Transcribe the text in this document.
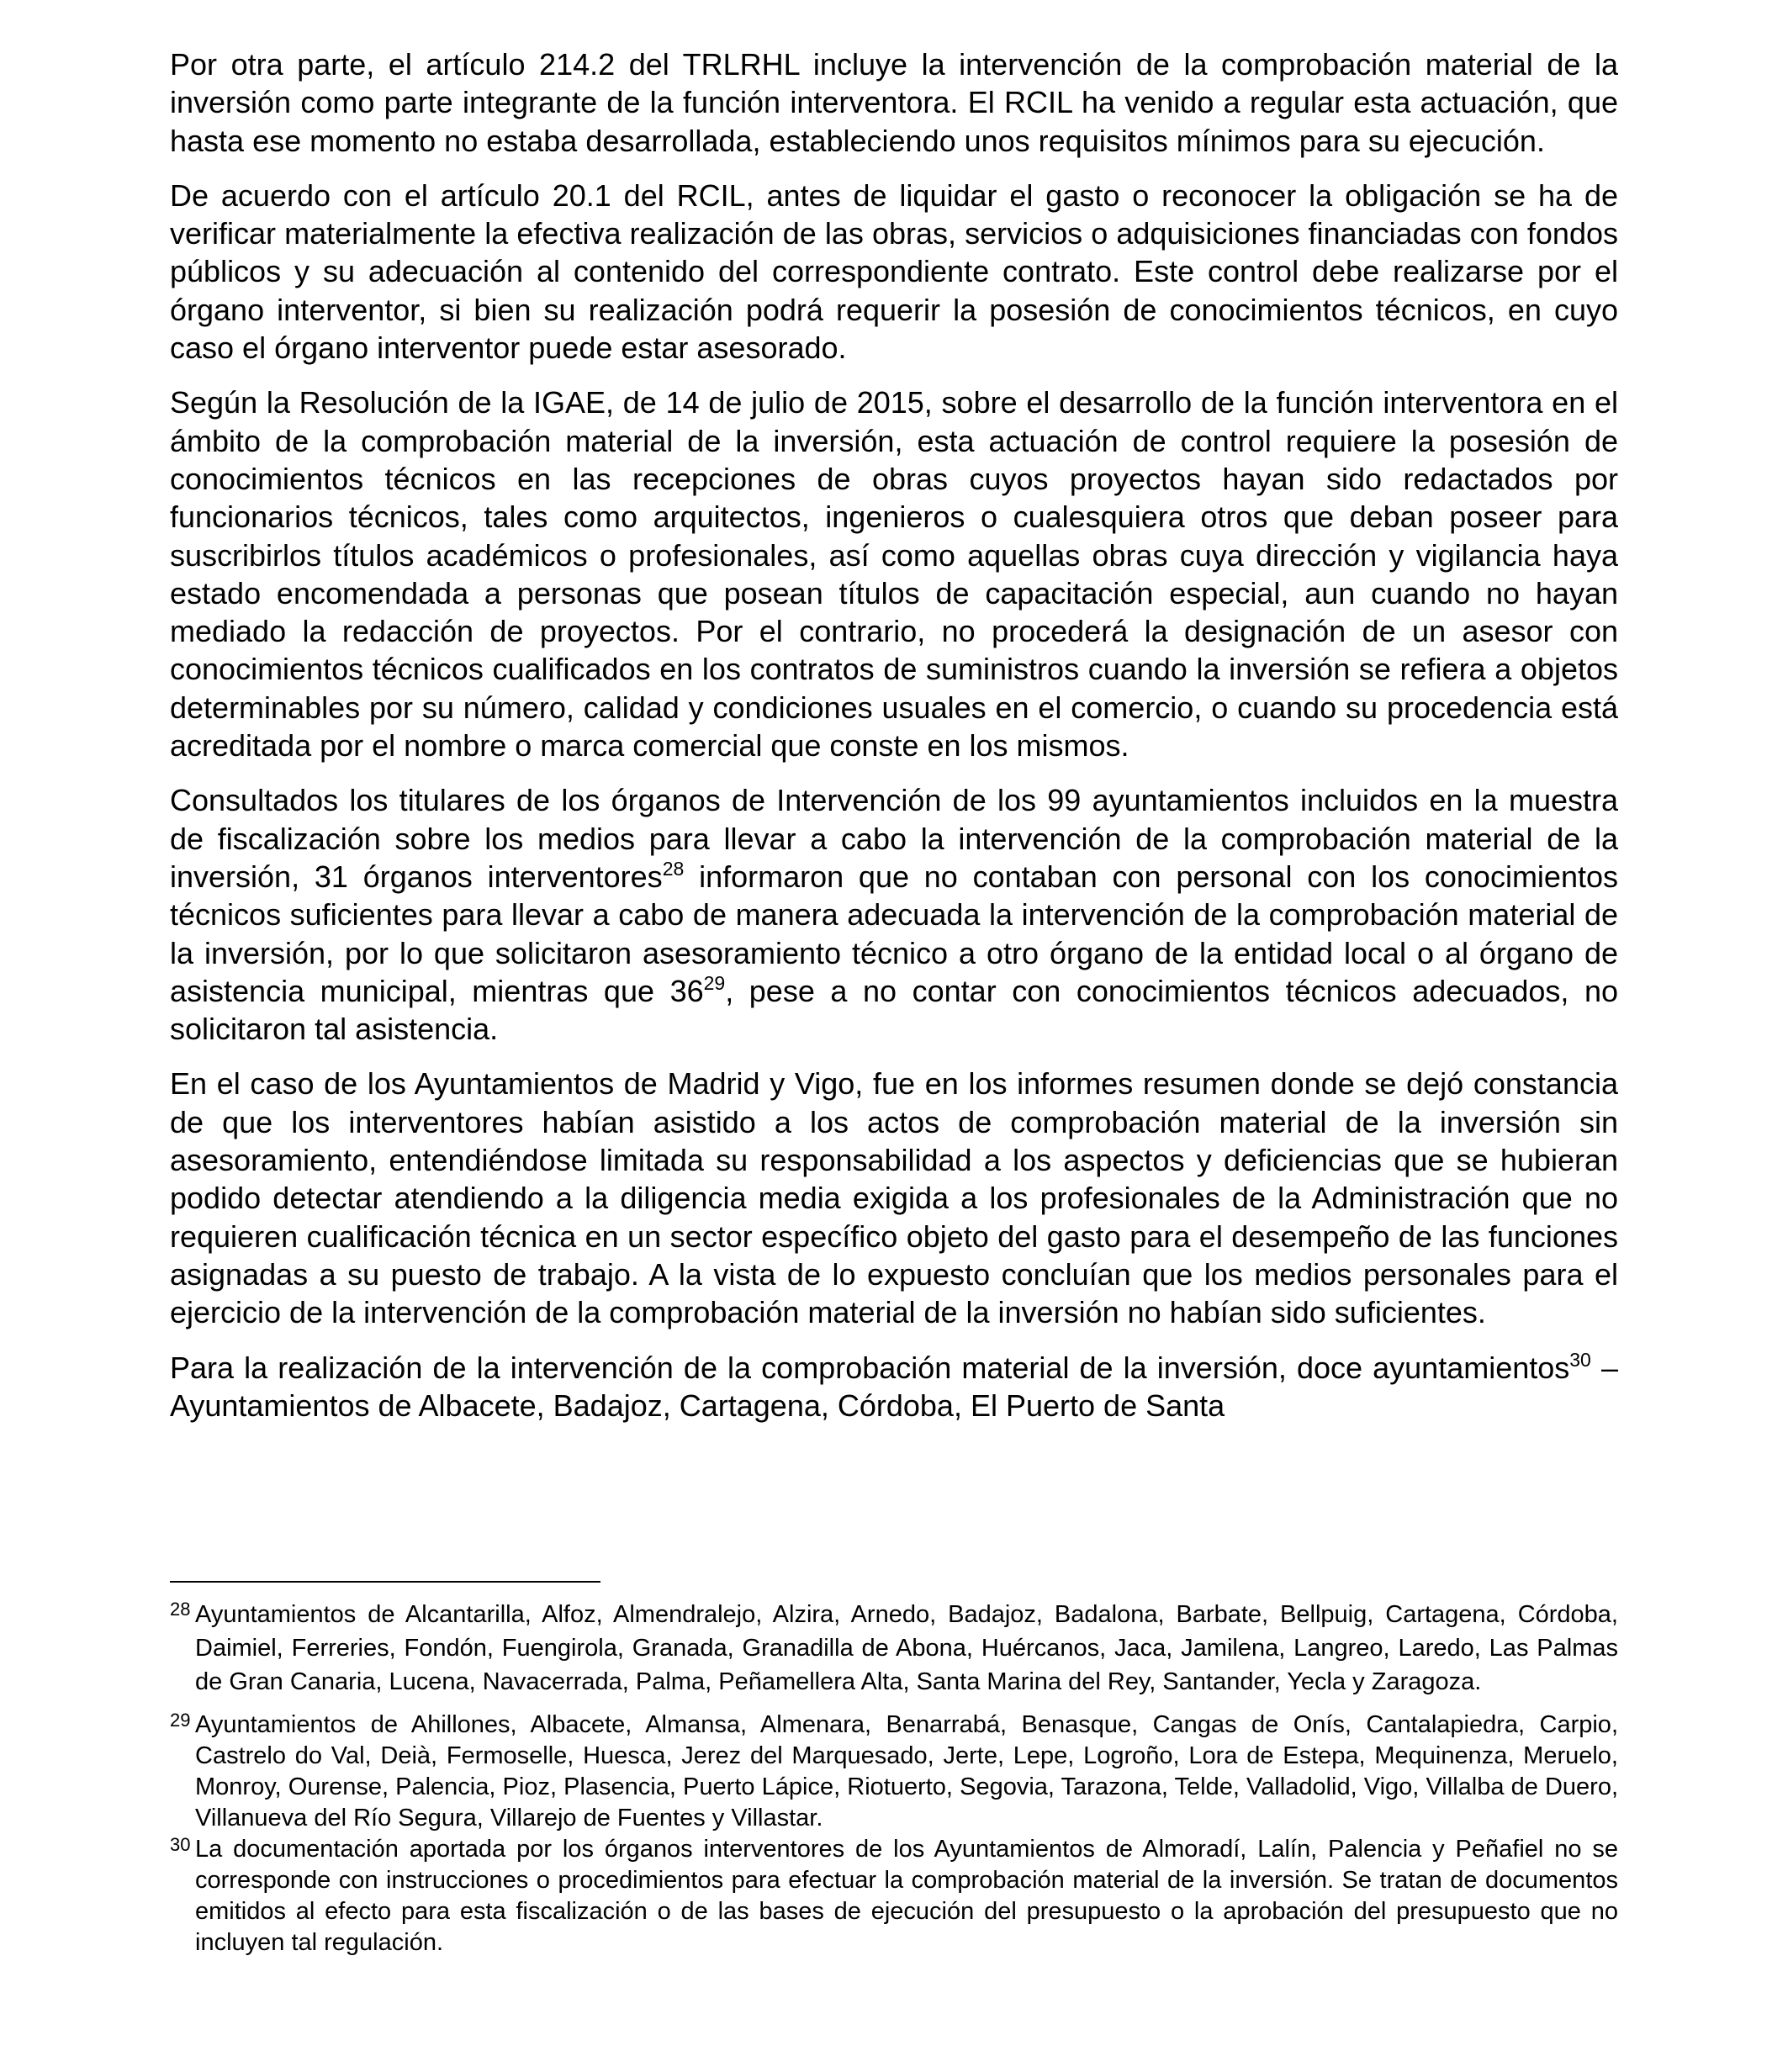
Por otra parte, el artículo 214.2 del TRLRHL incluye la intervención de la comprobación material de la inversión como parte integrante de la función interventora. El RCIL ha venido a regular esta actuación, que hasta ese momento no estaba desarrollada, estableciendo unos requisitos mínimos para su ejecución.

De acuerdo con el artículo 20.1 del RCIL, antes de liquidar el gasto o reconocer la obligación se ha de verificar materialmente la efectiva realización de las obras, servicios o adquisiciones financiadas con fondos públicos y su adecuación al contenido del correspondiente contrato. Este control debe realizarse por el órgano interventor, si bien su realización podrá requerir la posesión de conocimientos técnicos, en cuyo caso el órgano interventor puede estar asesorado.

Según la Resolución de la IGAE, de 14 de julio de 2015, sobre el desarrollo de la función interventora en el ámbito de la comprobación material de la inversión, esta actuación de control requiere la posesión de conocimientos técnicos en las recepciones de obras cuyos proyectos hayan sido redactados por funcionarios técnicos, tales como arquitectos, ingenieros o cualesquiera otros que deban poseer para suscribirlos títulos académicos o profesionales, así como aquellas obras cuya dirección y vigilancia haya estado encomendada a personas que posean títulos de capacitación especial, aun cuando no hayan mediado la redacción de proyectos. Por el contrario, no procederá la designación de un asesor con conocimientos técnicos cualificados en los contratos de suministros cuando la inversión se refiera a objetos determinables por su número, calidad y condiciones usuales en el comercio, o cuando su procedencia está acreditada por el nombre o marca comercial que conste en los mismos.

Consultados los titulares de los órganos de Intervención de los 99 ayuntamientos incluidos en la muestra de fiscalización sobre los medios para llevar a cabo la intervención de la comprobación material de la inversión, 31 órganos interventores$^{28}$ informaron que no contaban con personal con los conocimientos técnicos suficientes para llevar a cabo de manera adecuada la intervención de la comprobación material de la inversión, por lo que solicitaron asesoramiento técnico a otro órgano de la entidad local o al órgano de asistencia municipal, mientras que $36^{29}$, pese a no contar con conocimientos técnicos adecuados, no solicitaron tal asistencia.

En el caso de los Ayuntamientos de Madrid y Vigo, fue en los informes resumen donde se dejó constancia de que los interventores habían asistido a los actos de comprobación material de la inversión sin asesoramiento, entendiéndose limitada su responsabilidad a los aspectos y deficiencias que se hubieran podido detectar atendiendo a la diligencia media exigida a los profesionales de la Administración que no requieren cualificación técnica en un sector específico objeto del gasto para el desempeño de las funciones asignadas a su puesto de trabajo. A la vista de lo expuesto concluían que los medios personales para el ejercicio de la intervención de la comprobación material de la inversión no habían sido suficientes.

Para la realización de la intervención de la comprobación material de la inversión, doce ayuntamientos$^{30}$ –Ayuntamientos de Albacete, Badajoz, Cartagena, Córdoba, El Puerto de Santa

28 Ayuntamientos de Alcantarilla, Alfoz, Almendralejo, Alzira, Arnedo, Badajoz, Badalona, Barbate, Bellpuig, Cartagena, Córdoba, Daimiel, Ferreries, Fondón, Fuengirola, Granada, Granadilla de Abona, Huércanos, Jaca, Jamilena, Langreo, Laredo, Las Palmas de Gran Canaria, Lucena, Navacerrada, Palma, Peñamellera Alta, Santa Marina del Rey, Santander, Yecla y Zaragoza.
29 Ayuntamientos de Ahillones, Albacete, Almansa, Almenara, Benarrabá, Benasque, Cangas de Onís, Cantalapiedra, Carpio, Castrelo do Val, Deià, Fermoselle, Huesca, Jerez del Marquesado, Jerte, Lepe, Logroño, Lora de Estepa, Mequinenza, Meruelo, Monroy, Ourense, Palencia, Pioz, Plasencia, Puerto Lápice, Riotuerto, Segovia, Tarazona, Telde, Valladolid, Vigo, Villalba de Duero, Villanueva del Río Segura, Villarejo de Fuentes y Villastar.
30 La documentación aportada por los órganos interventores de los Ayuntamientos de Almoradí, Lalín, Palencia y Peñafiel no se corresponde con instrucciones o procedimientos para efectuar la comprobación material de la inversión. Se tratan de documentos emitidos al efecto para esta fiscalización o de las bases de ejecución del presupuesto o la aprobación del presupuesto que no incluyen tal regulación.
